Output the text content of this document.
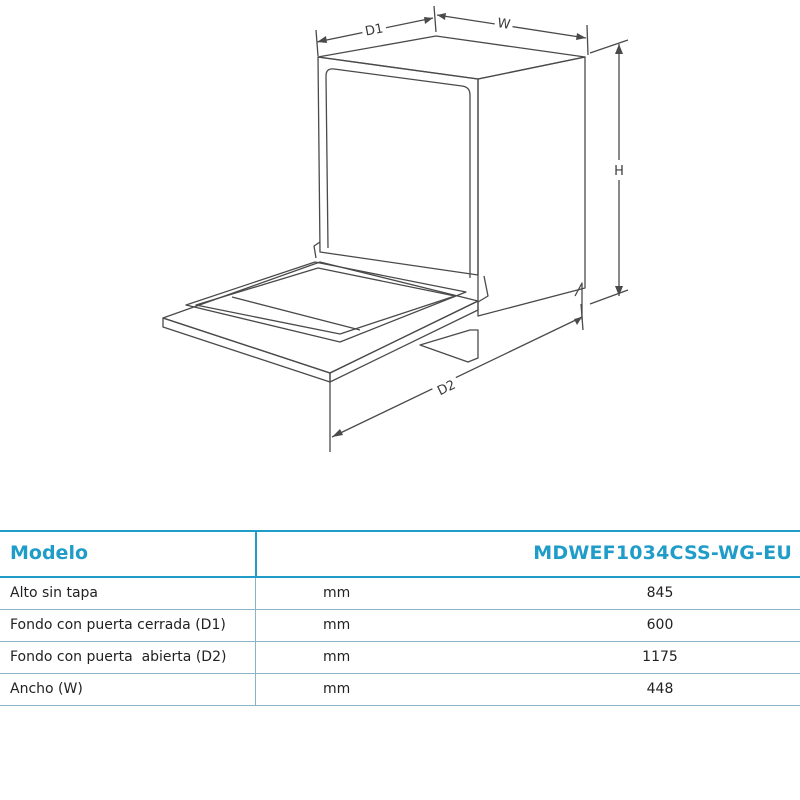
D1	W
H
D2
Modelo	MDWEF1034CSS-WG-EU
Alto sin tapa	mm	845
Fondo con puerta cerrada (D1)	mm	600
Fondo con puerta  abierta (D2)	mm	1175
Ancho (W)	mm	448
